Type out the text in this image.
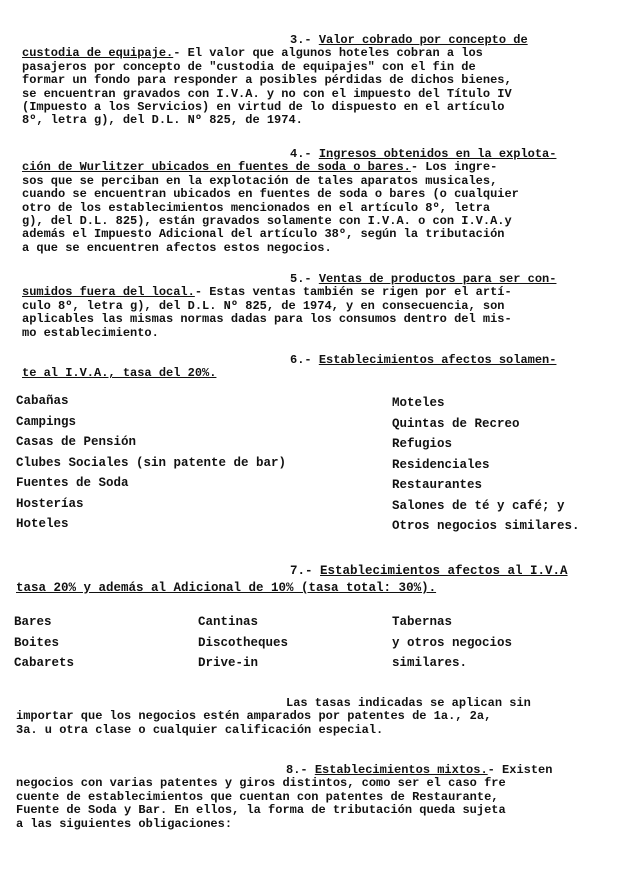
3.- Valor cobrado por concepto de

custodia de equipaje.- El valor que algunos hoteles cobran a los

pasajeros por concepto de "custodia de equipajes" con el fin de

formar un fondo para responder a posibles pérdidas de dichos bienes,

se encuentran gravados con I.V.A. y no con el impuesto del Título IV

(Impuesto a los Servicios) en virtud de lo dispuesto en el artículo

8º, letra g), del D.L. Nº 825, de 1974.

4.- Ingresos obtenidos en la explota-

ción de Wurlitzer ubicados en fuentes de soda o bares.- Los ingre-

sos que se perciban en la explotación de tales aparatos musicales,

cuando se encuentran ubicados en fuentes de soda o bares (o cualquier

otro de los establecimientos mencionados en el artículo 8º, letra

g), del D.L. 825), están gravados solamente con I.V.A. o con I.V.A.y

además el Impuesto Adicional del artículo 38º, según la tributación

a que se encuentren afectos estos negocios.

5.- Ventas de productos para ser con-

sumidos fuera del local.- Estas ventas también se rigen por el artí-

culo 8º, letra g), del D.L. Nº 825, de 1974, y en consecuencia, son

aplicables las mismas normas dadas para los consumos dentro del mis-

mo establecimiento.

6.- Establecimientos afectos solamen-

te al I.V.A., tasa del 20%.

Cabañas
Campings
Casas de Pensión
Clubes Sociales (sin patente de bar)
Fuentes de Soda
Hosterías
Hoteles
Moteles
Quintas de Recreo
Refugios
Residenciales
Restaurantes
Salones de té y café; y
Otros negocios similares.

7.- Establecimientos afectos al I.V.A

tasa 20% y además al Adicional de 10% (tasa total: 30%).

Bares
Boites
Cabarets
Cantinas
Discotheques
Drive-in
Tabernas
y otros negocios
similares.

Las tasas indicadas se aplican sin

importar que los negocios estén amparados por patentes de 1a., 2a,

3a. u otra clase o cualquier calificación especial.

8.- Establecimientos mixtos.- Existen

negocios con varias patentes y giros distintos, como ser el caso fre

cuente de establecimientos que cuentan con patentes de Restaurante,

Fuente de Soda y Bar. En ellos, la forma de tributación queda sujeta

a las siguientes obligaciones:
